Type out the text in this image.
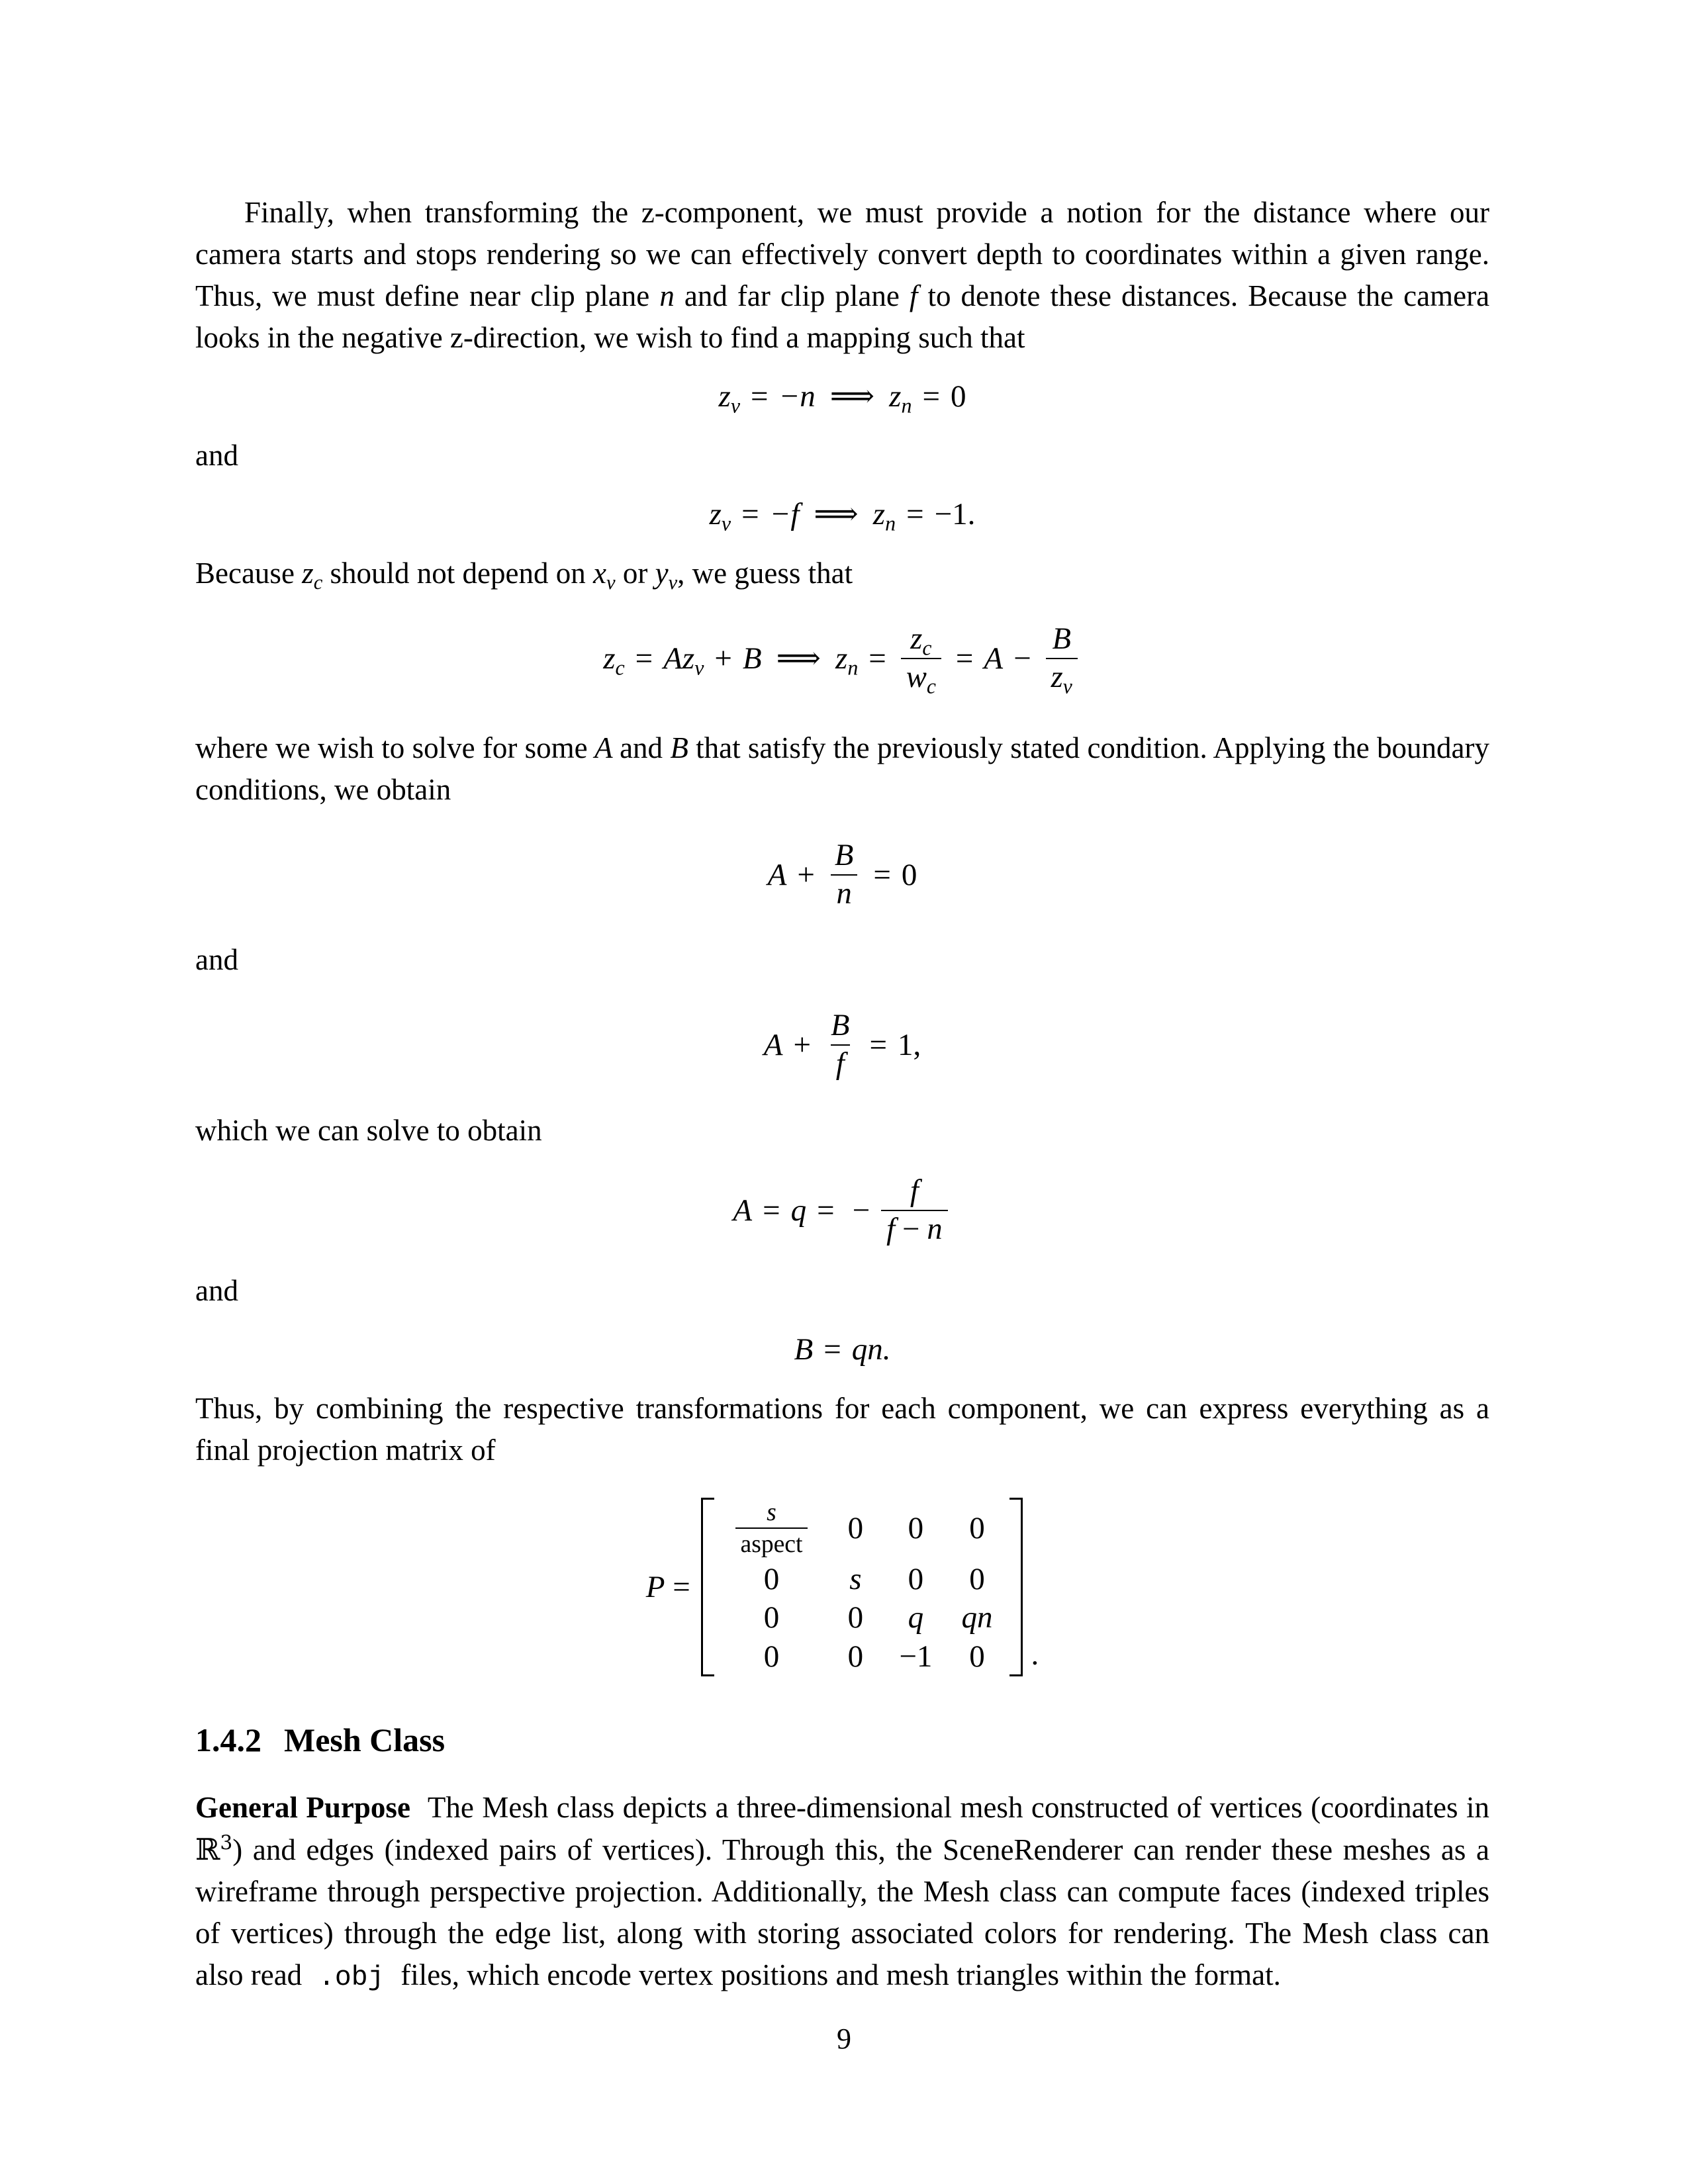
Finally, when transforming the z-component, we must provide a notion for the distance where our camera starts and stops rendering so we can effectively convert depth to coordinates within a given range. Thus, we must define near clip plane n and far clip plane f to denote these distances. Because the camera looks in the negative z-direction, we wish to find a mapping such that

$z_v = -n$ ⟹ $z_n = 0$

and

$z_v = -f$ ⟹ $z_n = -1$.

Because $z_c$ should not depend on $x_v$ or $y_v$, we guess that

$z_c = A$ $z_v + B$ ⟹ $z_n = \frac{z_c}{w_c} = A - \frac{B}{z_v}$

where we wish to solve for some A and B that satisfy the previously stated condition. Applying the boundary conditions, we obtain

$A + \frac{B}{n} = 0$

and

$A + \frac{B}{f} = 1$,

which we can solve to obtain

A = q = − $\frac{f}{f - n}$

and

B = qn.

Thus, by combining the respective transformations for each component, we can express everything as a final projection matrix of

P =
$\frac{s}{\text{aspect}}$	0	0	0
0	s	0	0
0	0	q	qn
0	0	−1	0 .
1.4.2 Mesh Class

General Purpose The Mesh class depicts a three-dimensional mesh constructed of vertices (coordinates in ℝ$^3$) and edges (indexed pairs of vertices). Through this, the SceneRenderer can render these meshes as a wireframe through perspective projection. Additionally, the Mesh class can compute faces (indexed triples of vertices) through the edge list, along with storing associated colors for rendering. The Mesh class can also read .obj files, which encode vertex positions and mesh triangles within the format.

9
